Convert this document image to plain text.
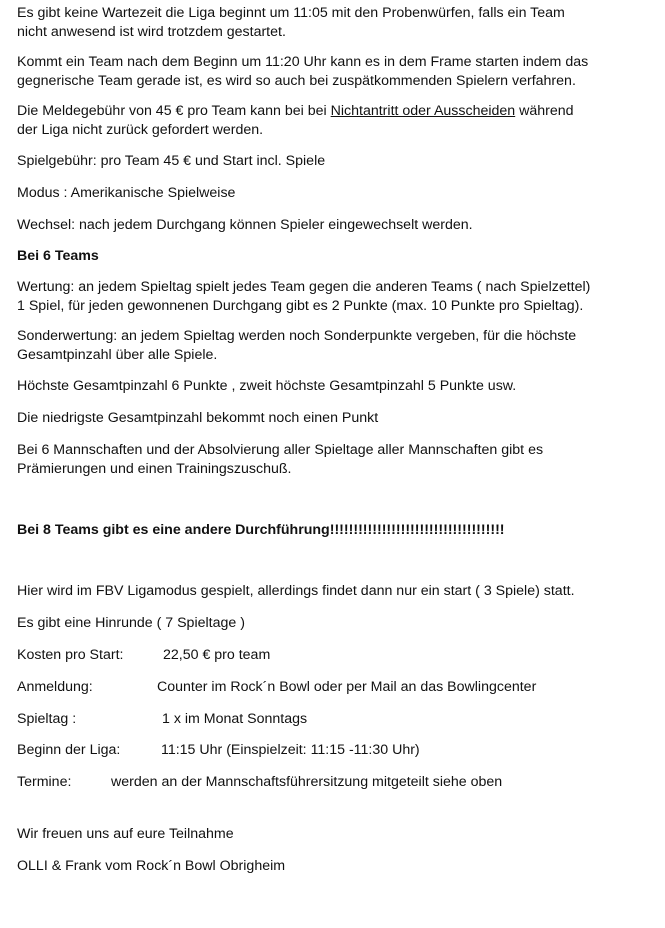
Es gibt keine Wartezeit die Liga beginnt um 11:05 mit den Probenwürfen, falls ein Team
nicht anwesend ist wird trotzdem gestartet.

Kommt ein Team nach dem Beginn um 11:20 Uhr kann es in dem Frame starten indem das
gegnerische Team gerade ist, es wird so auch bei zuspätkommenden Spielern verfahren.

Die Meldegebühr von 45 € pro Team kann bei bei Nichtantritt oder Ausscheiden während
der Liga nicht zurück gefordert werden.

Spielgebühr: pro Team 45 € und Start incl. Spiele

Modus : Amerikanische Spielweise

Wechsel: nach jedem Durchgang können Spieler eingewechselt werden.

Bei 6 Teams

Wertung: an jedem Spieltag spielt jedes Team gegen die anderen Teams ( nach Spielzettel)
1 Spiel, für jeden gewonnenen Durchgang gibt es 2 Punkte (max. 10 Punkte pro Spieltag).

Sonderwertung: an jedem Spieltag werden noch Sonderpunkte vergeben, für die höchste
Gesamtpinzahl über alle Spiele.

Höchste Gesamtpinzahl 6 Punkte , zweit höchste Gesamtpinzahl 5 Punkte usw.

Die niedrigste Gesamtpinzahl bekommt noch einen Punkt

Bei 6 Mannschaften und der Absolvierung aller Spieltage aller Mannschaften gibt es
Prämierungen und einen Trainingszuschuß.

Bei 8 Teams gibt es eine andere Durchführung!!!!!!!!!!!!!!!!!!!!!!!!!!!!!!!!!!!!!

Hier wird im FBV Ligamodus gespielt, allerdings findet dann nur ein start ( 3 Spiele) statt.

Es gibt eine Hinrunde ( 7 Spieltage )

Kosten pro Start:	22,50 € pro team
Anmeldung:	Counter im Rock´n Bowl oder per Mail an das Bowlingcenter
Spieltag :	1 x im Monat Sonntags
Beginn der Liga:	11:15 Uhr (Einspielzeit: 11:15 -11:30 Uhr)
Termine:	werden an der Mannschaftsführersitzung mitgeteilt siehe oben

Wir freuen uns auf eure Teilnahme

OLLI & Frank vom Rock´n Bowl Obrigheim
